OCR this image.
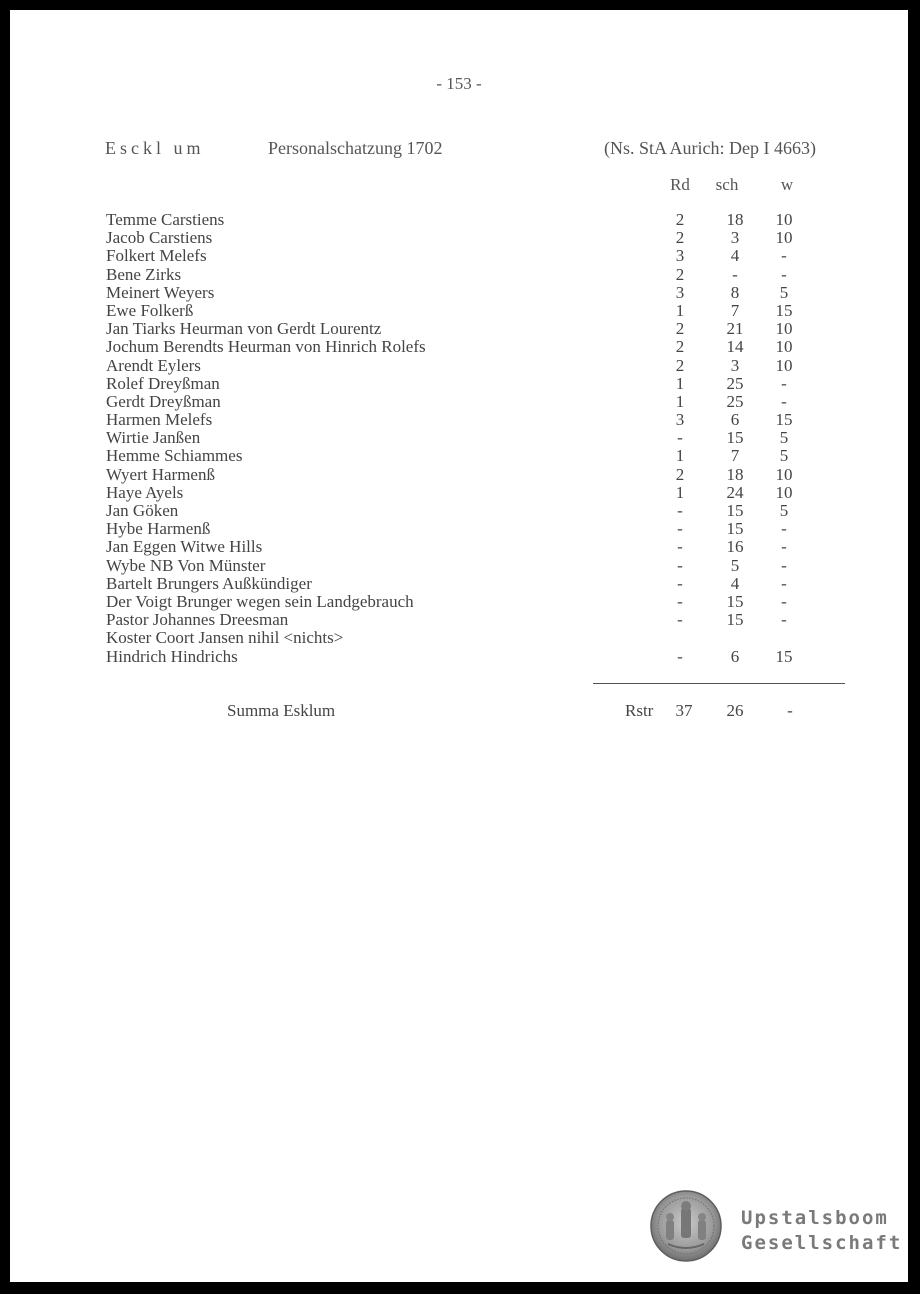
- 153 -
Esckl um	Personalschatzung 1702	(Ns. StA Aurich: Dep I 4663)
Rd	sch	w
Temme Carstiens	2	18	10
Jacob Carstiens	2	3	10
Folkert Melefs	3	4	-
Bene Zirks	2	-	-
Meinert Weyers	3	8	5
Ewe Folkerß	1	7	15
Jan Tiarks Heurman von Gerdt Lourentz	2	21	10
Jochum Berendts Heurman von Hinrich Rolefs	2	14	10
Arendt Eylers	2	3	10
Rolef Dreyßman	1	25	-
Gerdt Dreyßman	1	25	-
Harmen Melefs	3	6	15
Wirtie Janßen	-	15	5
Hemme Schiammes	1	7	5
Wyert Harmenß	2	18	10
Haye Ayels	1	24	10
Jan Göken	-	15	5
Hybe Harmenß	-	15	-
Jan Eggen Witwe Hills	-	16	-
Wybe NB Von Münster	-	5	-
Bartelt Brungers Außkündiger	-	4	-
Der Voigt Brunger wegen sein Landgebrauch	-	15	-
Pastor Johannes Dreesman	-	15	-
Koster Coort Jansen nihil <nichts>
Hindrich Hindrichs	-	6	15
Summa Esklum	Rstr	37	26	-
Upstalsboom
Gesellschaft
